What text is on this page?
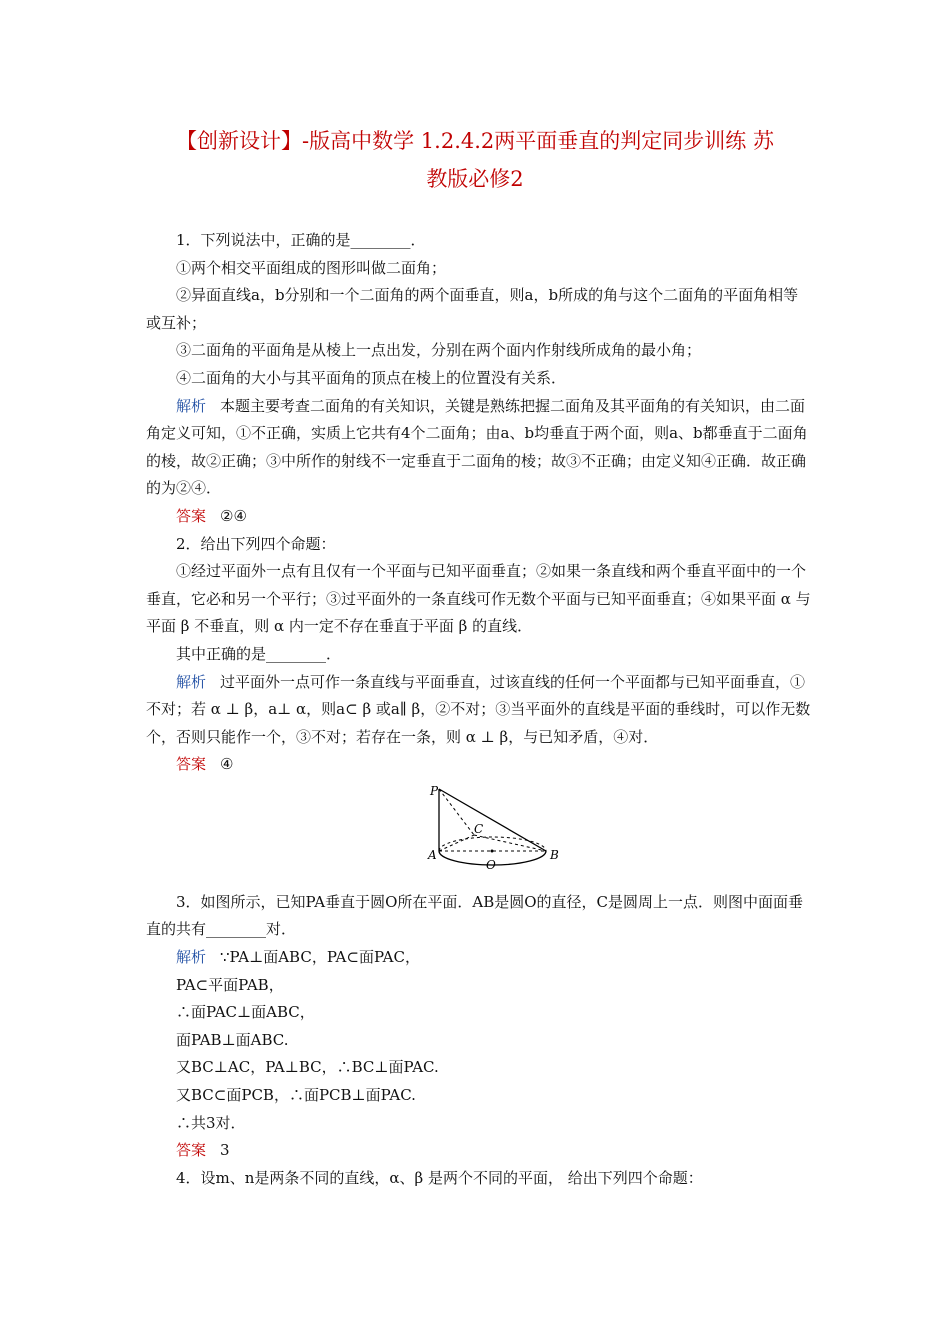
【创新设计】-版高中数学 1.2.4.2两平面垂直的判定同步训练 苏
教版必修2

1．下列说法中，正确的是________．

①两个相交平面组成的图形叫做二面角；

②异面直线a，b分别和一个二面角的两个面垂直，则a，b所成的角与这个二面角的平面角相等或互补；

③二面角的平面角是从棱上一点出发，分别在两个面内作射线所成角的最小角；

④二面角的大小与其平面角的顶点在棱上的位置没有关系．

解析 本题主要考查二面角的有关知识，关键是熟练把握二面角及其平面角的有关知识，由二面角定义可知，①不正确，实质上它共有4个二面角；由a、b均垂直于两个面，则a、b都垂直于二面角的棱，故②正确；③中所作的射线不一定垂直于二面角的棱；故③不正确；由定义知④正确．故正确的为②④．

答案 ②④

2．给出下列四个命题：

①经过平面外一点有且仅有一个平面与已知平面垂直；②如果一条直线和两个垂直平面中的一个垂直，它必和另一个平行；③过平面外的一条直线可作无数个平面与已知平面垂直；④如果平面 α 与平面 β 不垂直，则 α 内一定不存在垂直于平面 β 的直线．

其中正确的是________．

解析 过平面外一点可作一条直线与平面垂直，过该直线的任何一个平面都与已知平面垂直，①不对；若 α ⊥ β，a⊥ α，则a⊂ β 或a∥ β，②不对；③当平面外的直线是平面的垂线时，可以作无数个，否则只能作一个，③不对；若存在一条，则 α ⊥ β，与已知矛盾，④对．

答案 ④

P
C
A
O
B

3．如图所示，已知PA垂直于圆O所在平面．AB是圆O的直径，C是圆周上一点．则图中面面垂直的共有________对．

解析 ∵PA⊥面ABC，PA⊂面PAC，

PA⊂平面PAB，

∴面PAC⊥面ABC，

面PAB⊥面ABC.

又BC⊥AC，PA⊥BC，∴BC⊥面PAC.

又BC⊂面PCB，∴面PCB⊥面PAC.

∴共3对．

答案 3

4．设m、n是两条不同的直线，α、β 是两个不同的平面， 给出下列四个命题：
